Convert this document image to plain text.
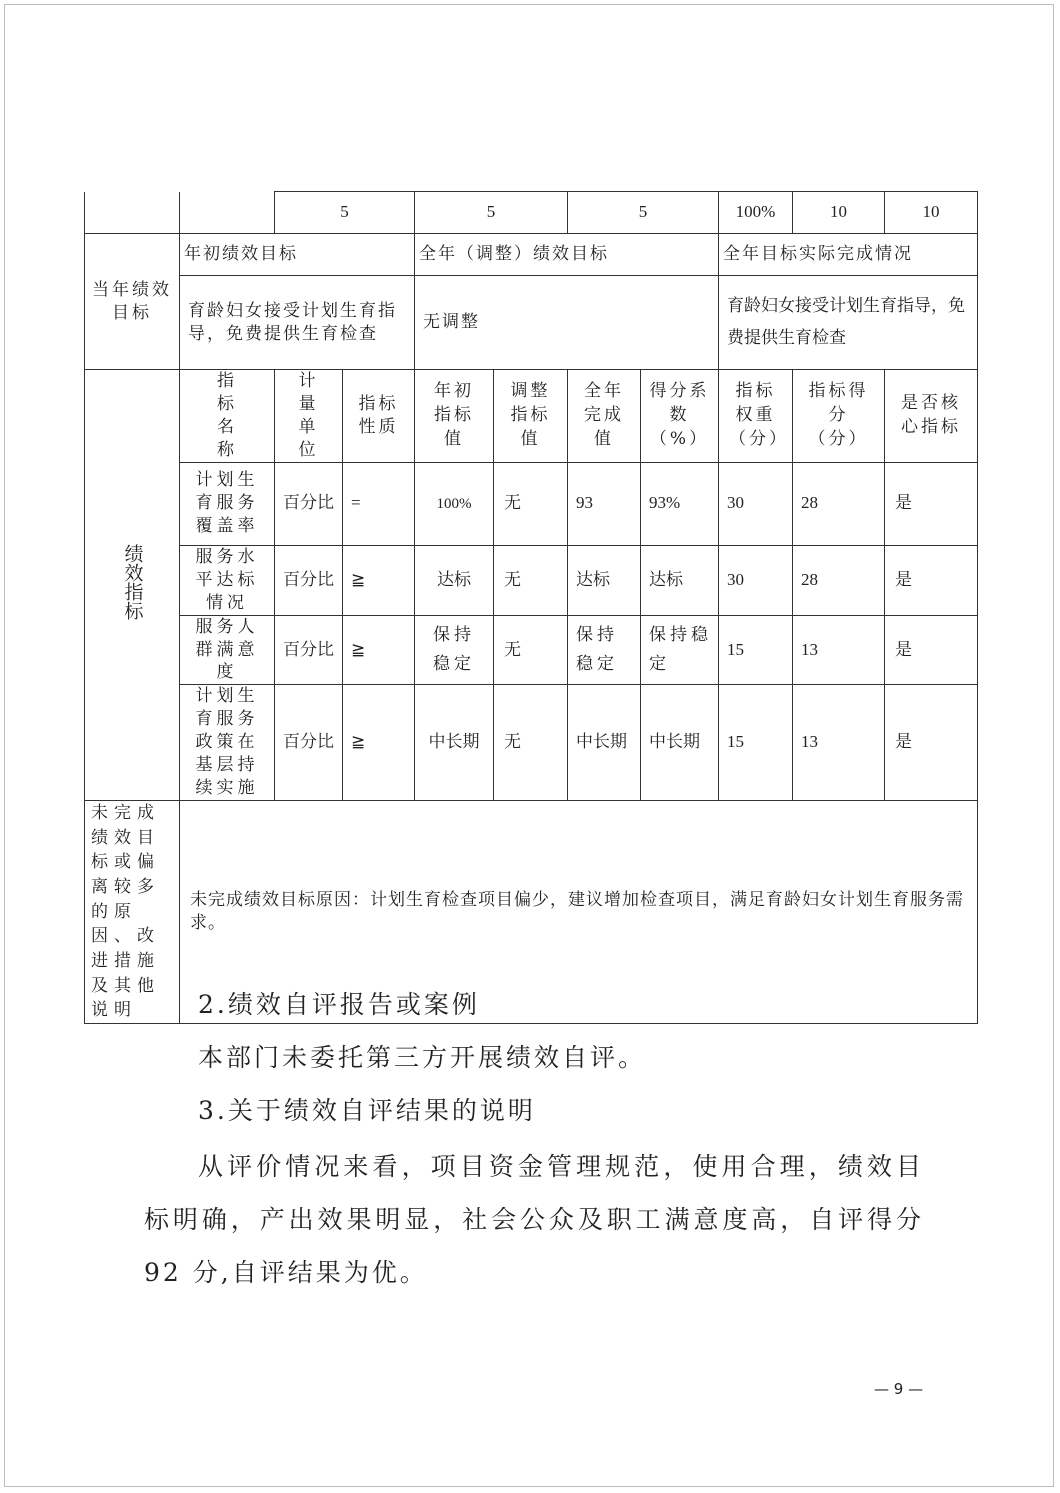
		5		5		5		100%	10	10
当年绩效目标	年初绩效目标			全年（调整）绩效目标				全年目标实际完成情况		
	育龄妇女接受计划生育指导，免费提供生育检查			无调整				育龄妇女接受计划生育指导，免费提供生育检查		
绩效指标	指标名称	计量单位	指标性质	年初指标值	调整指标值	全年完成值	得分系数（%）	指标权重（分）	指标得分（分）	是否核心指标
	计划生育服务覆盖率	百分比	=	100%	无	93	93%	30	28	是
	服务水平达标情况	百分比	≧	达标	无	达标	达标	30	28	是
	服务人群满意度	百分比	≧	保持稳定	无	保持稳定	保持稳定	15	13	是
	计划生育服务政策在基层持续实施	百分比	≧	中长期	无	中长期	中长期	15	13	是
未完成绩效目标或偏离较多的原因、改进措施及其他说明	未完成绩效目标原因：计划生育检查项目偏少，建议增加检查项目，满足育龄妇女计划生育服务需求。									
2.绩效自评报告或案例
本部门未委托第三方开展绩效自评。
3.关于绩效自评结果的说明
从评价情况来看，项目资金管理规范，使用合理，绩效目标明确，产出效果明显，社会公众及职工满意度高，自评得分 92 分,自评结果为优。
— 9 —
